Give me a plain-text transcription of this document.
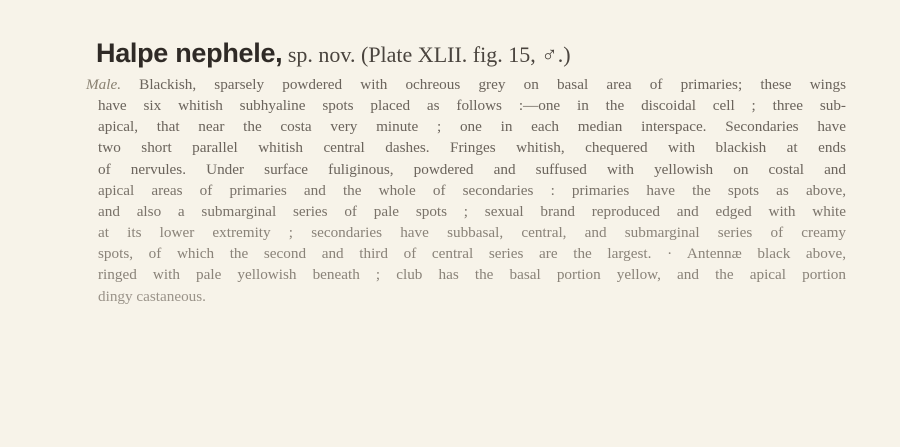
Halpe nephele, sp. nov. (Plate XLII. fig. 15, ♂.)
Male. Blackish, sparsely powdered with ochreous grey on basal area of primaries; these wings
have six whitish subhyaline spots placed as follows :—one in the discoidal cell ; three sub-
apical, that near the costa very minute ; one in each median interspace. Secondaries have
two short parallel whitish central dashes. Fringes whitish, chequered with blackish at ends
of nervules. Under surface fuliginous, powdered and suffused with yellowish on costal and
apical areas of primaries and the whole of secondaries : primaries have the spots as above,
and also a submarginal series of pale spots ; sexual brand reproduced and edged with white
at its lower extremity ; secondaries have subbasal, central, and submarginal series of creamy
spots, of which the second and third of central series are the largest. · Antennæ black above,
ringed with pale yellowish beneath ; club has the basal portion yellow, and the apical portion
dingy castaneous.
